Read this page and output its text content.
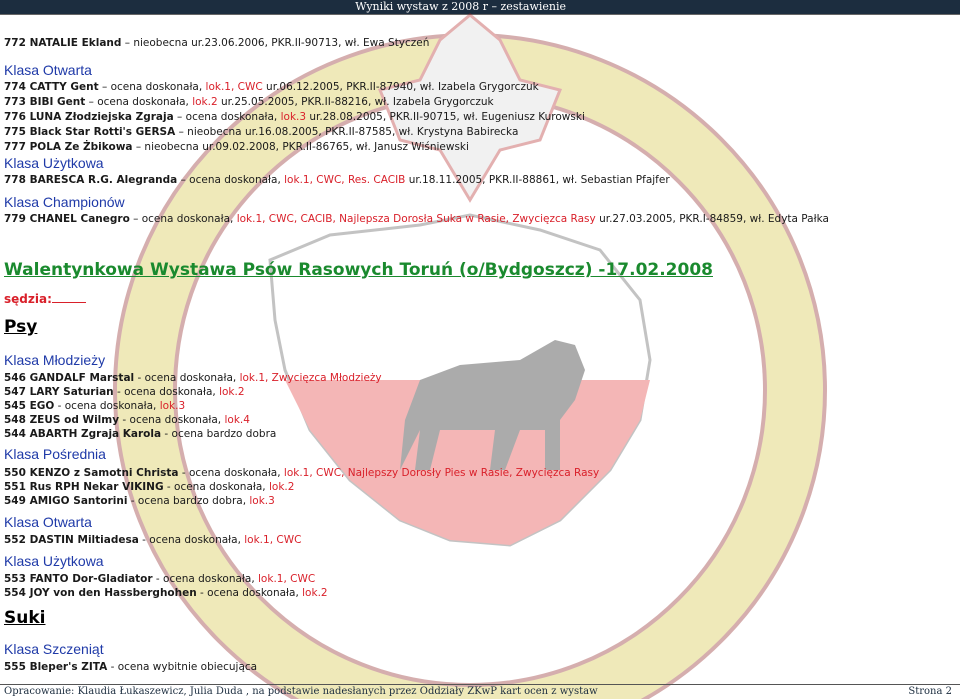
Wyniki wystaw z 2008 r – zestawienie
772 NATALIE Ekland – nieobecna ur.23.06.2006, PKR.II-90713, wł. Ewa Styczeń
Klasa Otwarta
774 CATTY Gent – ocena doskonała, lok.1, CWC ur.06.12.2005, PKR.II-87940, wł. Izabela Grygorczuk
773 BIBI Gent – ocena doskonała, lok.2 ur.25.05.2005, PKR.II-88216, wł. Izabela Grygorczuk
776 LUNA Złodziejska Zgraja – ocena doskonała, lok.3 ur.28.08.2005, PKR.II-90715, wł. Eugeniusz Kurowski
775 Black Star Rotti's GERSA – nieobecna ur.16.08.2005, PKR.II-87585, wł. Krystyna Babirecka
777 POLA Ze Żbikowa – nieobecna ur.09.02.2008, PKR.II-86765, wł. Janusz Wiśniewski
Klasa Użytkowa
778 BARESCA R.G. Alegranda – ocena doskonała, lok.1, CWC, Res. CACIB ur.18.11.2005, PKR.II-88861, wł. Sebastian Pfajfer
Klasa Championów
779 CHANEL Canegro – ocena doskonała, lok.1, CWC, CACIB, Najlepsza Dorosła Suka w Rasie, Zwycięzca Rasy ur.27.03.2005, PKR.I-84859, wł. Edyta Pałka
Walentynkowa Wystawa Psów Rasowych Toruń (o/Bydgoszcz) -17.02.2008
sędzia:
Psy
Klasa Młodzieży
546 GANDALF Marstal - ocena doskonała, lok.1, Zwycięzca Młodzieży
547 LARY Saturian - ocena doskonała, lok.2
545 EGO - ocena doskonała, lok.3
548 ZEUS od Wilmy - ocena doskonała, lok.4
544 ABARTH Zgraja Karola - ocena bardzo dobra
Klasa Pośrednia
550 KENZO z Samotni Christa - ocena doskonała, lok.1, CWC, Najlepszy Dorosły Pies w Rasie, Zwycięzca Rasy
551 Rus RPH Nekar VIKING - ocena doskonała, lok.2
549 AMIGO Santorini - ocena bardzo dobra, lok.3
Klasa Otwarta
552 DASTIN Miltiadesa - ocena doskonała, lok.1, CWC
Klasa Użytkowa
553 FANTO Dor-Gladiator - ocena doskonała, lok.1, CWC
554 JOY von den Hassberghohen - ocena doskonała, lok.2
Suki
Klasa Szczeniąt
555 Bleper's ZITA - ocena wybitnie obiecująca
Opracowanie: Klaudia Łukaszewicz, Julia Duda , na podstawie nadesłanych przez Oddziały ZKwP kart ocen z wystaw	Strona 2
